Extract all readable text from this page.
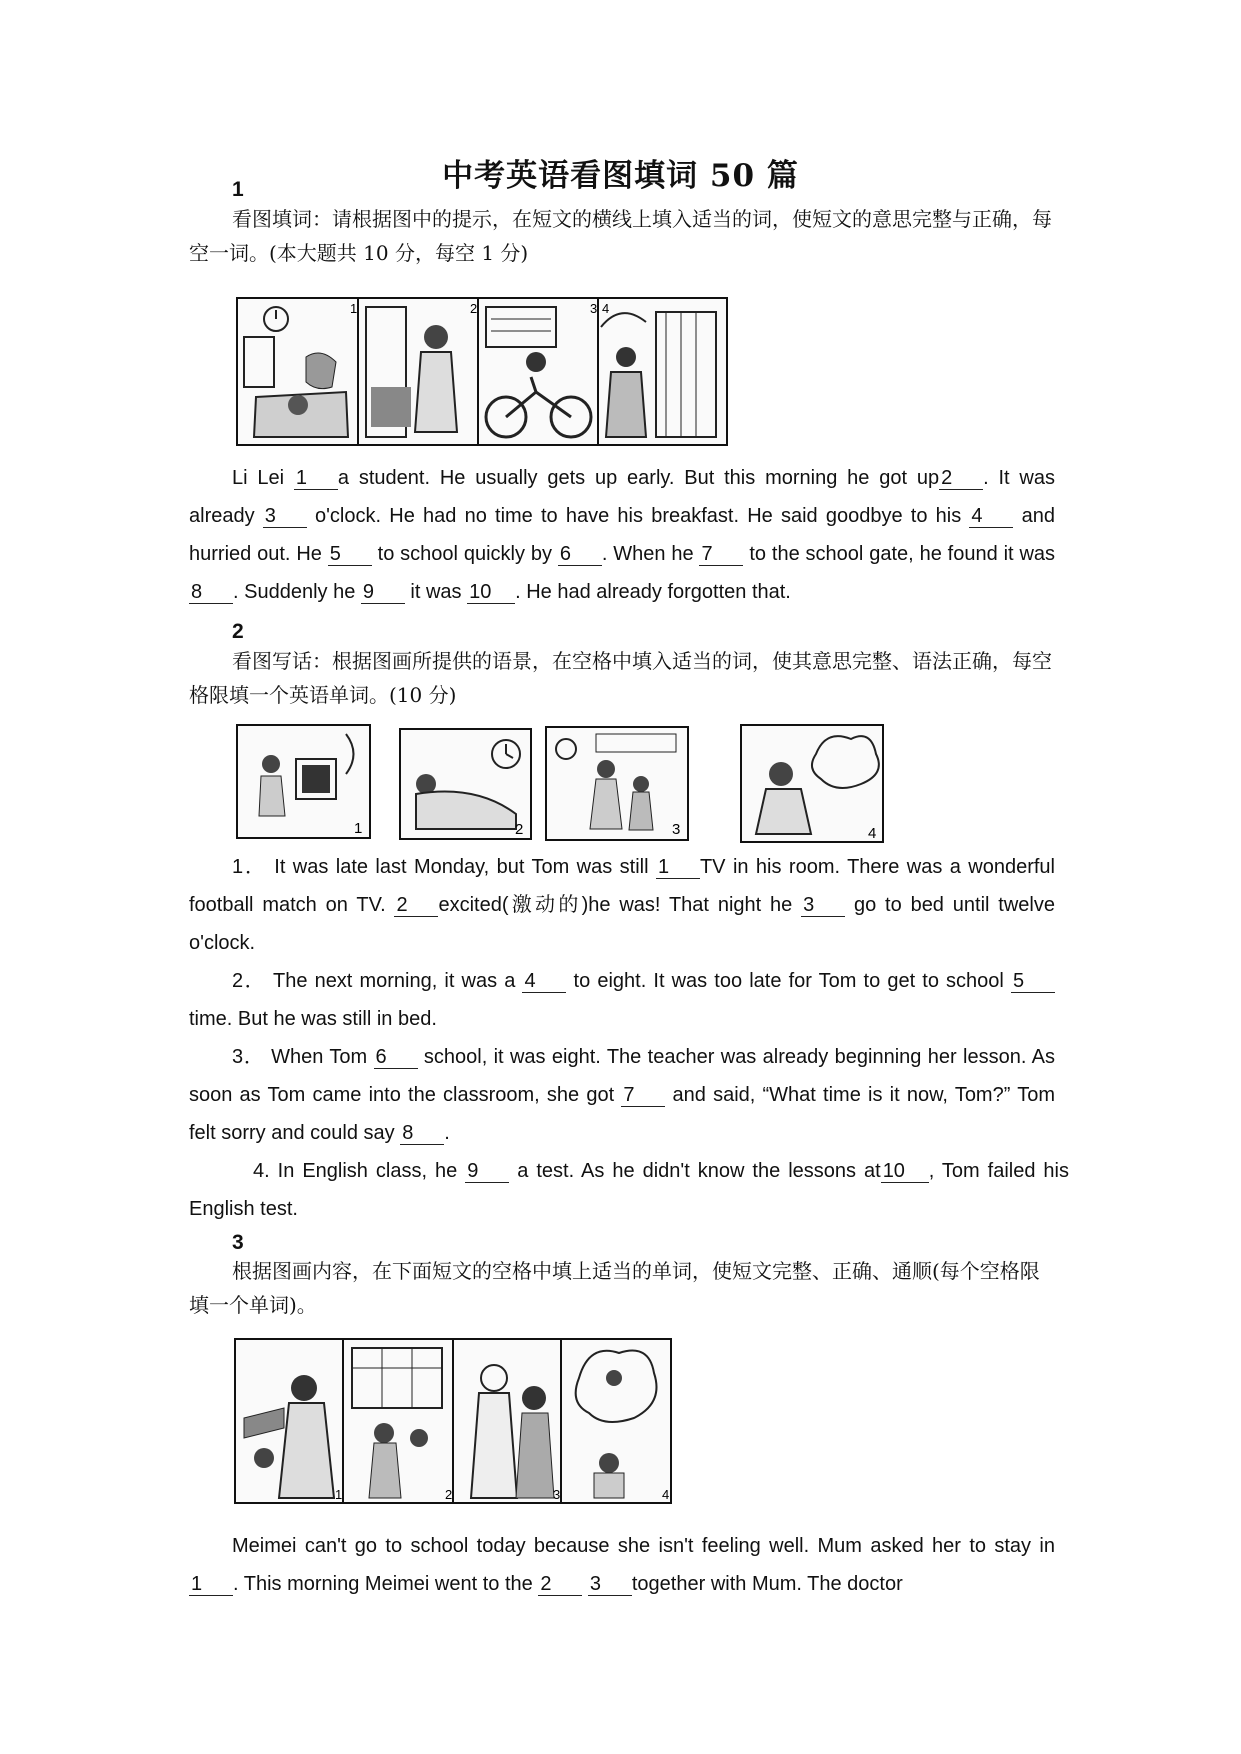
中考英语看图填词 50 篇
1
看图填词：请根据图中的提示，在短文的横线上填入适当的词，使短文的意思完整与正确，每空一词。(本大题共 10 分，每空 1 分)
1	2	3 4
Li Lei 1 a student. He usually gets up early. But this morning he got up 2 . It was already 3 o'clock. He had no time to have his breakfast. He said goodbye to his 4 and hurried out. He 5 to school quickly by 6 . When he 7 to the school gate, he found it was 8 . Suddenly he 9 it was 10 . He had already forgotten that.
2
看图写话：根据图画所提供的语景，在空格中填入适当的词，使其意思完整、语法正确，每空格限填一个英语单词。(10 分)
1	2	3	4
1． It was late last Monday, but Tom was still 1 TV in his room. There was a wonderful football match on TV. 2 excited(激动的)he was! That night he 3 go to bed until twelve o'clock.
2． The next morning, it was a 4 to eight. It was too late for Tom to get to school 5 time. But he was still in bed.
3． When Tom 6 school, it was eight. The teacher was already beginning her lesson. As soon as Tom came into the classroom, she got 7 and said, “What time is it now, Tom?” Tom felt sorry and could say 8 .
4. In English class, he 9 a test. As he didn't know the lessons at 10 , Tom failed his English test.
3
根据图画内容，在下面短文的空格中填上适当的单词，使短文完整、正确、通顺(每个空格限填一个单词)。
1	2	3	4
Meimei can't go to school today because she isn't feeling well. Mum asked her to stay in 1 . This morning Meimei went to the 2 3 together with Mum. The doctor
